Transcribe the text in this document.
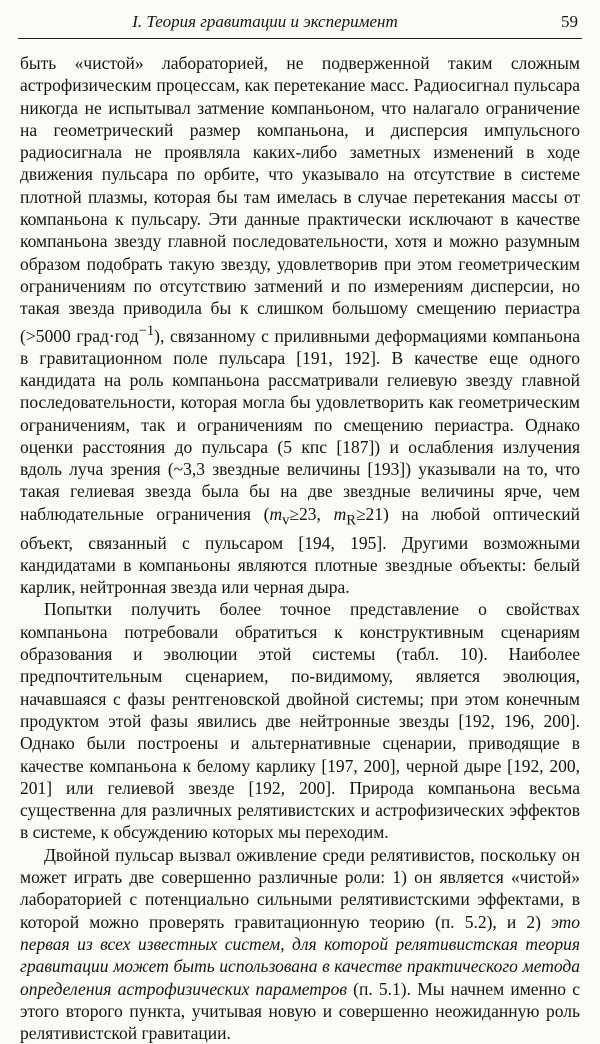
I. Теория гравитации и эксперимент	59

быть «чистой» лабораторией, не подверженной таким сложным астрофизическим процессам, как перетекание масс. Радиосигнал пульсара никогда не испытывал затмение компаньоном, что налагало ограничение на геометрический размер компаньона, и дисперсия импульсного радиосигнала не проявляла каких-либо заметных изменений в ходе движения пульсара по орбите, что указывало на отсутствие в системе плотной плазмы, которая бы там имелась в случае перетекания массы от компаньона к пульсару. Эти данные практически исключают в качестве компаньона звезду главной последовательности, хотя и можно разумным образом подобрать такую звезду, удовлетворив при этом геометрическим ограничениям по отсутствию затмений и по измерениям дисперсии, но такая звезда приводила бы к слишком большому смещению периастра (>5000 град·год$^{-1}$), связанному с приливными деформациями компаньона в гравитационном поле пульсара [191, 192]. В качестве еще одного кандидата на роль компаньона рассматривали гелиевую звезду главной последовательности, которая могла бы удовлетворить как геометрическим ограничениям, так и ограничениям по смещению периастра. Однако оценки расстояния до пульсара (5 кпс [187]) и ослабления излучения вдоль луча зрения (~3,3 звездные величины [193]) указывали на то, что такая гелиевая звезда была бы на две звездные величины ярче, чем наблюдательные ограничения ($m_v\ge 23$, $m_R\ge 21$) на любой оптический объект, связанный с пульсаром [194, 195]. Другими возможными кандидатами в компаньоны являются плотные звездные объекты: белый карлик, нейтронная звезда или черная дыра.

Попытки получить более точное представление о свойствах компаньона потребовали обратиться к конструктивным сценариям образования и эволюции этой системы (табл. 10). Наиболее предпочтительным сценарием, по-видимому, является эволюция, начавшаяся с фазы рентгеновской двойной системы; при этом конечным продуктом этой фазы явились две нейтронные звезды [192, 196, 200]. Однако были построены и альтернативные сценарии, приводящие в качестве компаньона к белому карлику [197, 200], черной дыре [192, 200, 201] или гелиевой звезде [192, 200]. Природа компаньона весьма существенна для различных релятивистских и астрофизических эффектов в системе, к обсуждению которых мы переходим.

Двойной пульсар вызвал оживление среди релятивистов, поскольку он может играть две совершенно различные роли: 1) он является «чистой» лабораторией с потенциально сильными релятивистскими эффектами, в которой можно проверять гравитационную теорию (п. 5.2), и 2) это первая из всех известных систем, для которой релятивистская теория гравитации может быть использована в качестве практического метода определения астрофизических параметров (п. 5.1). Мы начнем именно с этого второго пункта, учитывая новую и совершенно неожиданную роль релятивистской гравитации.
